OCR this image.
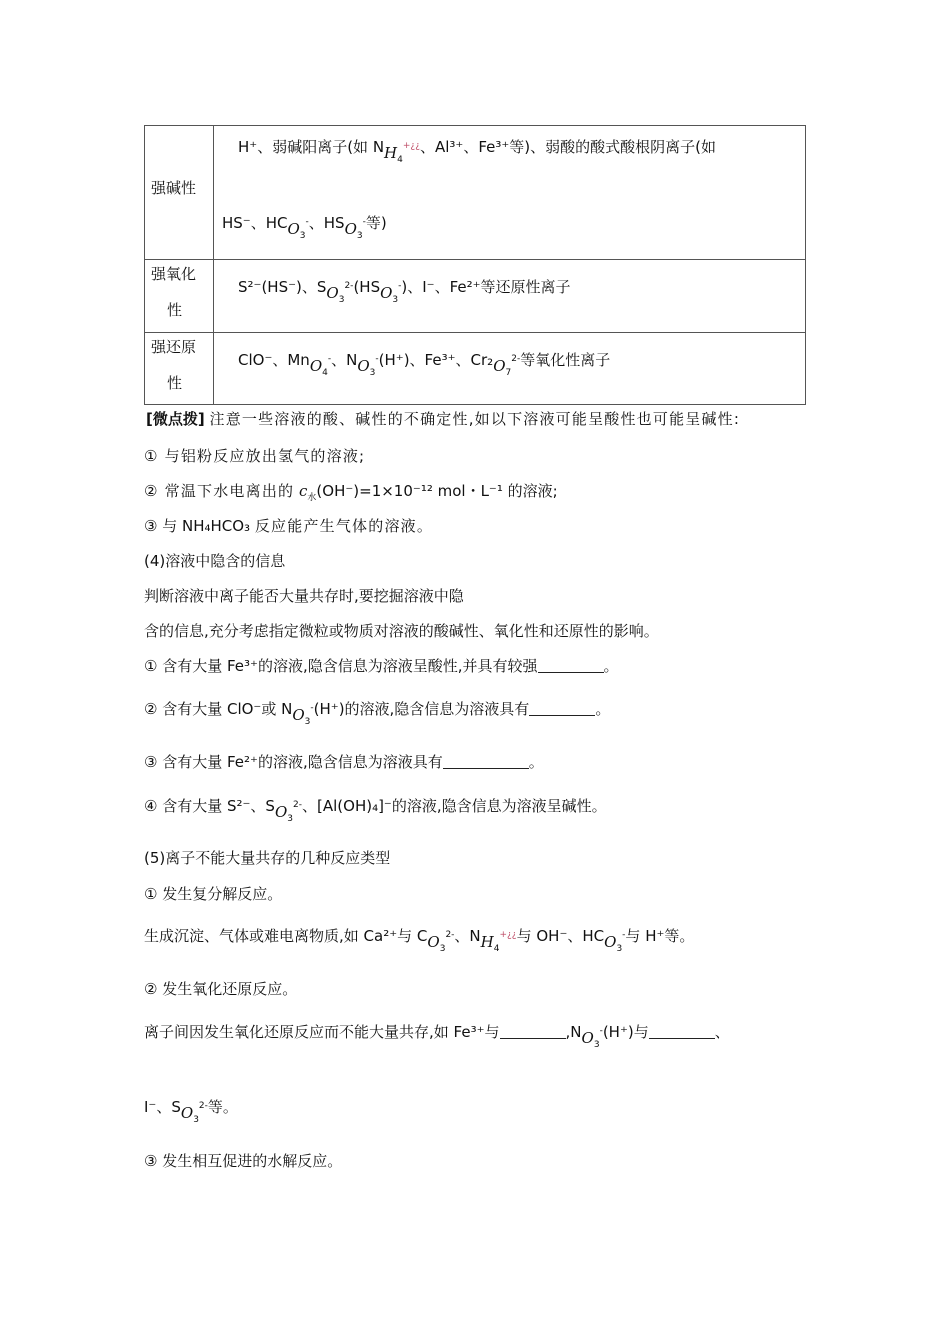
强碱性	H⁺、弱碱阳离子(如 $NH_4^{+¿¿}$、Al³⁺、Fe³⁺等)、弱酸的酸式酸根阴离子(如
HS⁻、$HCO_3^-$、$HSO_3^-$等)

强氧化
性	S²⁻(HS⁻)、$SO_3^{2-}(HSO_3^-)$、I⁻、Fe²⁺等还原性离子

强还原
性	ClO⁻、MnO$_4$-、$NO_3^-(H^+)$、Fe³⁺、$Cr_2O_7^{2-}$等氧化性离子
[微点拨] 注意一些溶液的酸、碱性的不确定性,如以下溶液可能呈酸性也可能呈碱性:
① 与铝粉反应放出氢气的溶液;
② 常温下水电离出的 $c_水(OH^-)=1\times 10^{-12}$ mol・L⁻¹ 的溶液;
③ 与 NH₄HCO₃ 反应能产生气体的溶液。
(4)溶液中隐含的信息
判断溶液中离子能否大量共存时,要挖掘溶液中隐
含的信息,充分考虑指定微粒或物质对溶液的酸碱性、氧化性和还原性的影响。
① 含有大量 Fe³⁺的溶液,隐含信息为溶液呈酸性,并具有较强	。
② 含有大量 ClO⁻或 $NO_3^-(H^+)$的溶液,隐含信息为溶液具有	。
③ 含有大量 Fe²⁺的溶液,隐含信息为溶液具有	。
④ 含有大量 S²⁻、$SO_3^{2-}$、[Al(OH)₄]⁻的溶液,隐含信息为溶液呈碱性。
(5)离子不能大量共存的几种反应类型
① 发生复分解反应。
生成沉淀、气体或难电离物质,如 Ca²⁺与 $CO_3^{2-}$、$NH_4^{+¿¿}$与 OH⁻、$HCO_3^-$与 H⁺等。
② 发生氧化还原反应。
离子间因发生氧化还原反应而不能大量共存,如 Fe³⁺与	$,NO_3^-(H^+)$与	、
I⁻、$SO_3^{2-}$等。
③ 发生相互促进的水解反应。
